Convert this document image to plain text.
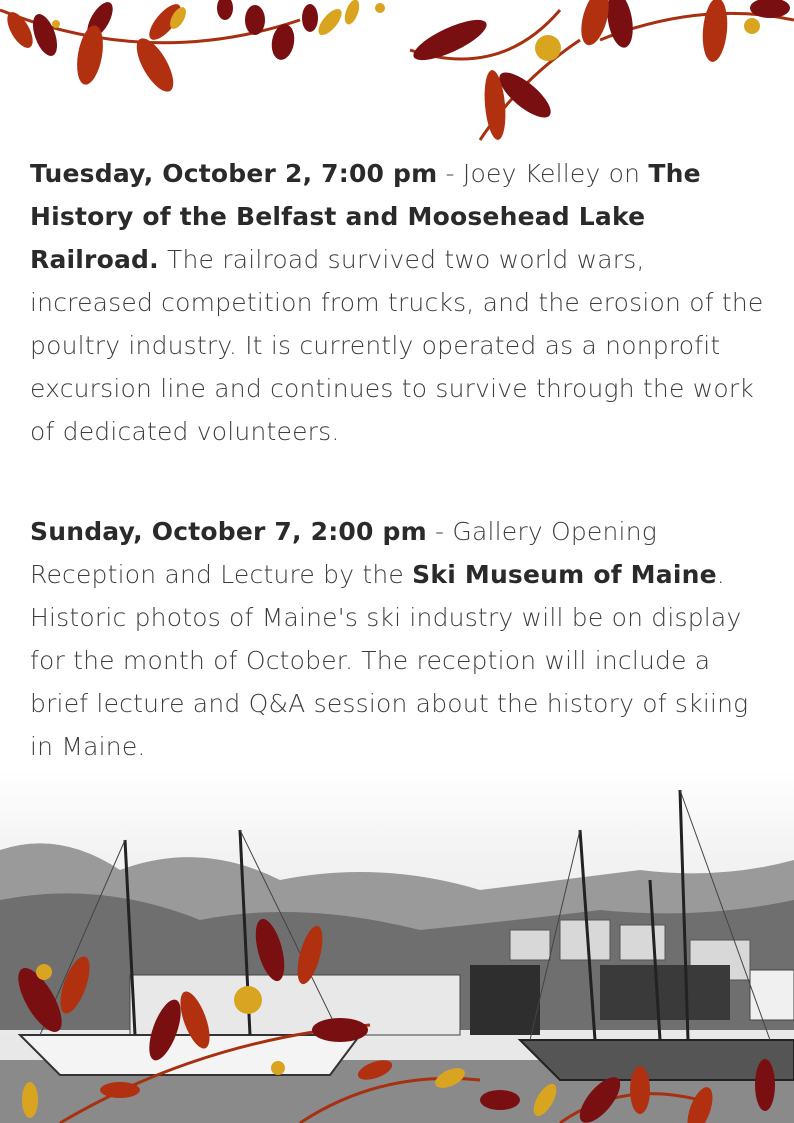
Tuesday, October 2, 7:00 pm - Joey Kelley on The History of the Belfast and Moosehead Lake Railroad. The railroad survived two world wars, increased competition from trucks, and the erosion of the poultry industry. It is currently operated as a nonprofit excursion line and continues to survive through the work of dedicated volunteers.

Sunday, October 7, 2:00 pm - Gallery Opening Reception and Lecture by the Ski Museum of Maine. Historic photos of Maine's ski industry will be on display for the month of October. The reception will include a brief lecture and Q&A session about the history of skiing in Maine.
